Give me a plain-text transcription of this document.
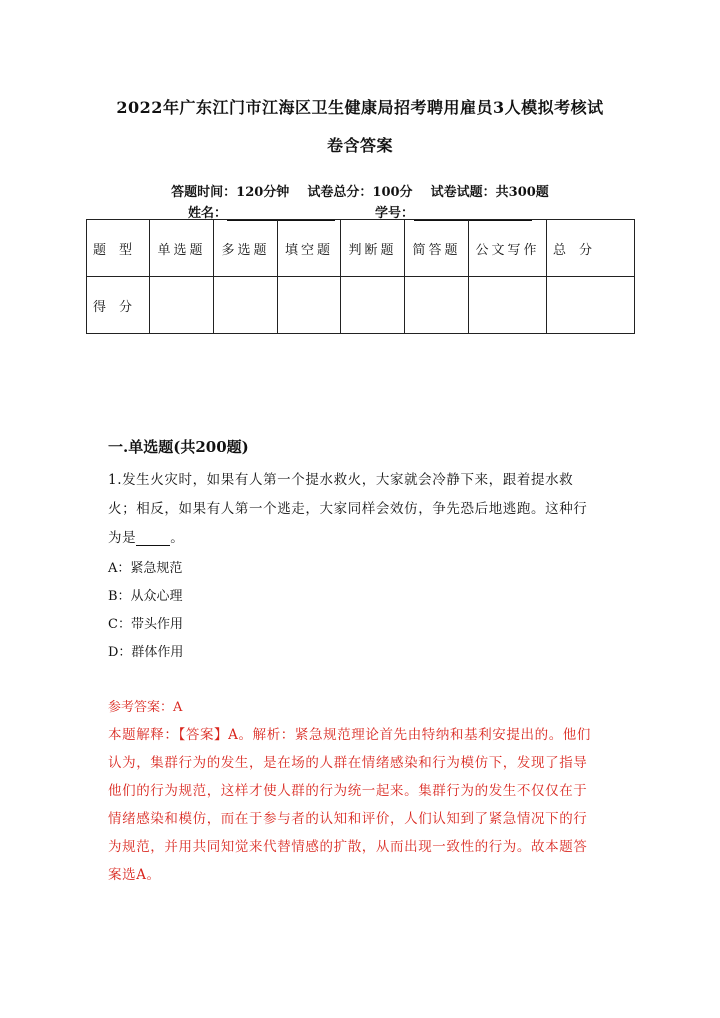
2022年广东江门市江海区卫生健康局招考聘用雇员3人模拟考核试
卷含答案
答题时间：120分钟 试卷总分：100分 试卷试题：共300题
姓名：	学号：
题　型	单选题	多选题	填空题	判断题	简答题	公文写作	总　分

得　分							

一.单选题(共200题)
1.发生火灾时，如果有人第一个提水救火，大家就会冷静下来，跟着提水救
火；相反，如果有人第一个逃走，大家同样会效仿，争先恐后地逃跑。这种行
为是	。
A：紧急规范
B：从众心理
C：带头作用
D：群体作用
参考答案：A
本题解释：【答案】A。解析：紧急规范理论首先由特纳和基利安提出的。他们
认为，集群行为的发生，是在场的人群在情绪感染和行为模仿下，发现了指导
他们的行为规范，这样才使人群的行为统一起来。集群行为的发生不仅仅在于
情绪感染和模仿，而在于参与者的认知和评价，人们认知到了紧急情况下的行
为规范，并用共同知觉来代替情感的扩散，从而出现一致性的行为。故本题答
案选A。
